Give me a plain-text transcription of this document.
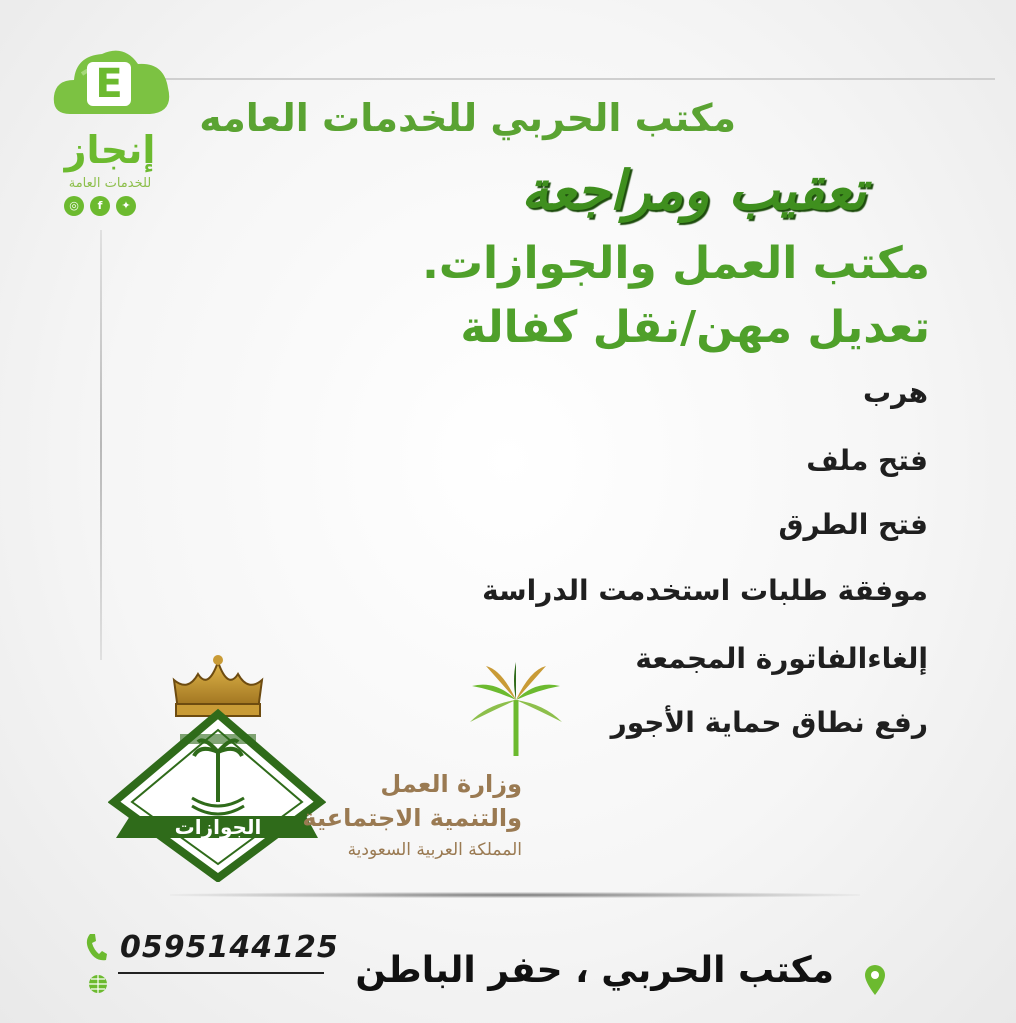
E
إنجاز
للخدمات العامة
◎	f	✦
مكتب الحربي للخدمات العامه
تعقيب ومراجعة
مكتب العمل والجوازات.
تعديل مهن/نقل كفالة
هرب
فتح ملف
فتح الطرق
موفقة طلبات استخدمت الدراسة
إلغاءالفاتورة المجمعة
رفع نطاق حماية الأجور
الجوازات
وزارة العمل
والتنمية الاجتماعية
المملكة العربية السعودية
0595144125
مكتب الحربي ، حفر الباطن
